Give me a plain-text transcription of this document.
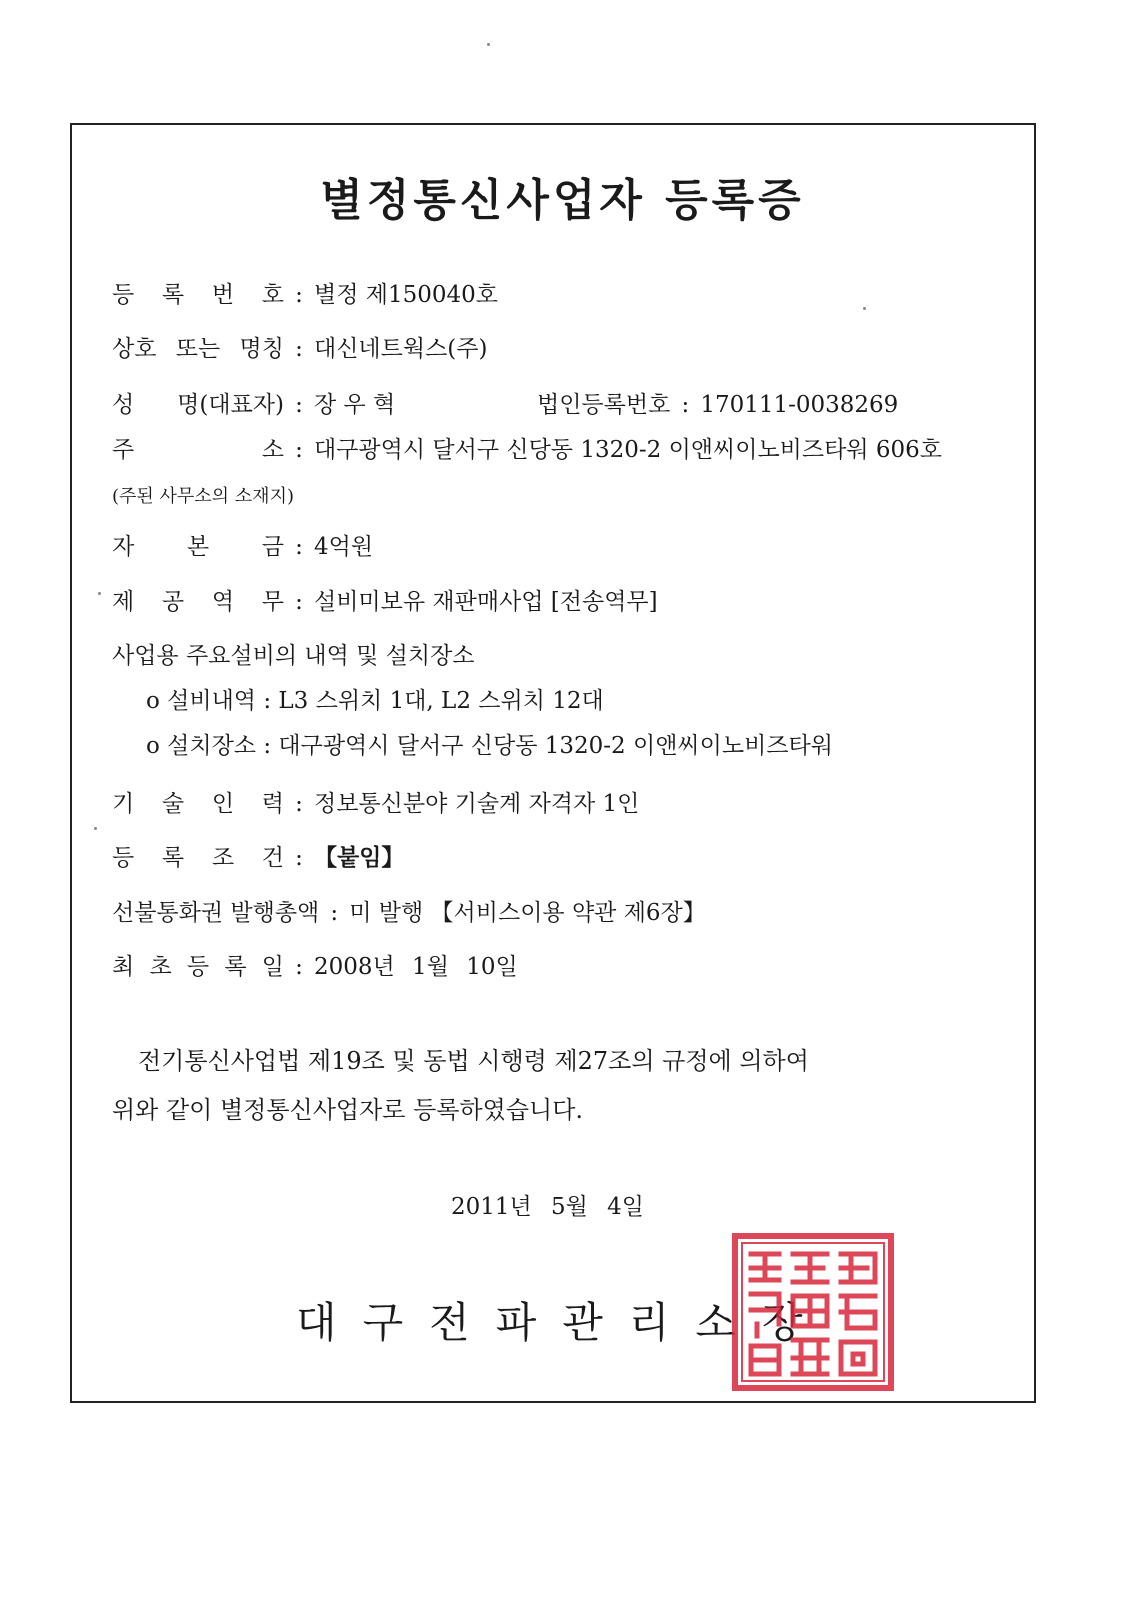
별정통신사업자 등록증
등 록 번 호 : 별정 제150040호
상호 또는 명칭 : 대신네트웍스(주)
성 명(대표자) : 장 우 혁	법인등록번호 : 170111-0038269
주 소 : 대구광역시 달서구 신당동 1320-2 이앤씨이노비즈타워 606호
(주된 사무소의 소재지)
자 본 금 : 4억원
제 공 역 무 : 설비미보유 재판매사업 [전송역무]
사업용 주요설비의 내역 및 설치장소
o 설비내역 : L3 스위치 1대, L2 스위치 12대
o 설치장소 : 대구광역시 달서구 신당동 1320-2 이앤씨이노비즈타워
기 술 인 력 : 정보통신분야 기술계 자격자 1인
등 록 조 건 : 【붙임】
선불통화권 발행총액 : 미 발행 【서비스이용 약관 제6장】
최 초 등 록 일 : 2008년 1월 10일
전기통신사업법 제19조 및 동법 시행령 제27조의 규정에 의하여
위와 같이 별정통신사업자로 등록하였습니다.
2011년 5월 4일
대구전파관리소장
